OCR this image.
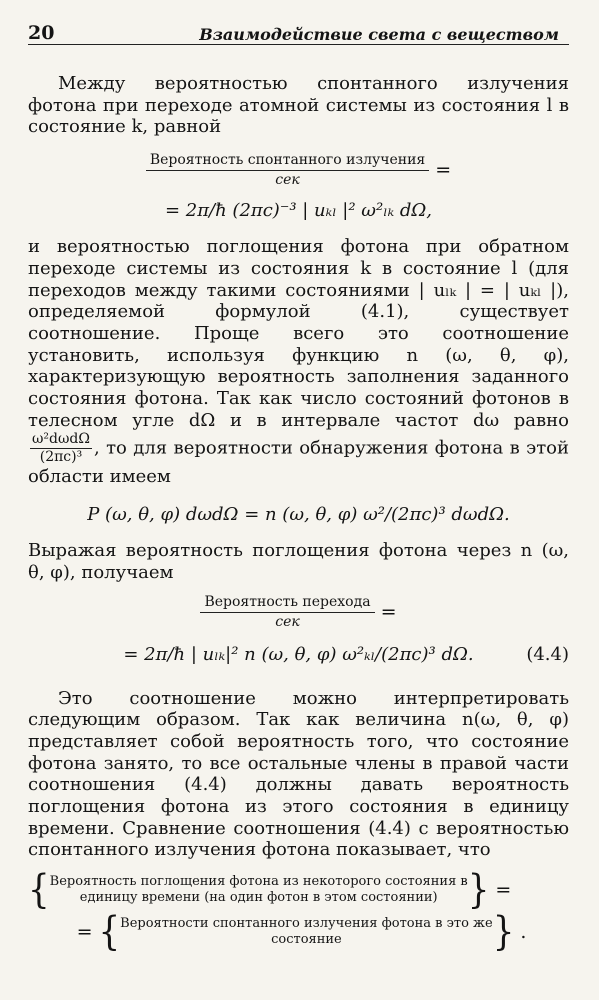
20	Взаимодействие света с веществом

Между вероятностью спонтанного излучения фотона при переходе атомной системы из состояния l в состояние k, равной

$\frac{\text{Вероятность спонтанного излучения}}{\text{сек}}$ =
= 2π/ħ (2πc)⁻³ | uₖₗ |² ω²ₗₖ dΩ,

и вероятностью поглощения фотона при обратном переходе системы из состояния k в состояние l (для переходов между такими состояниями | uₗₖ | = | uₖₗ |), определяемой формулой (4.1), существует соотношение. Проще всего это соотношение установить, используя функцию n (ω, θ, φ), характеризующую вероятность заполнения заданного состояния фотона. Так как число состояний фотонов в телесном угле dΩ и в интервале частот dω равно
ω²dωdΩ
(2πc)³ , то для вероятности обнаружения фотона в этой области имеем

P (ω, θ, φ) dωdΩ = n (ω, θ, φ) ω²/(2πc)³ dωdΩ.

Выражая вероятность поглощения фотона через n (ω, θ, φ), получаем

$\frac{\text{Вероятность перехода}}{\text{сек}}$ =
= 2π/ħ | uₗₖ|² n (ω, θ, φ) ω²ₖₗ/(2πc)³ dΩ.	(4.4)

Это соотношение можно интерпретировать следующим образом. Так как величина n(ω, θ, φ) представляет собой вероятность того, что состояние фотона занято, то все остальные члены в правой части соотношения (4.4) должны давать вероятность поглощения фотона из этого состояния в единицу времени. Сравнение соотношения (4.4) с вероятностью спонтанного излучения фотона показывает, что

{ Вероятность поглощения фотона из некоторого состояния в
единицу времени (на один фотон в этом состоянии) } =
= { Вероятности спонтанного излучения фотона в это же
состояние	} .
